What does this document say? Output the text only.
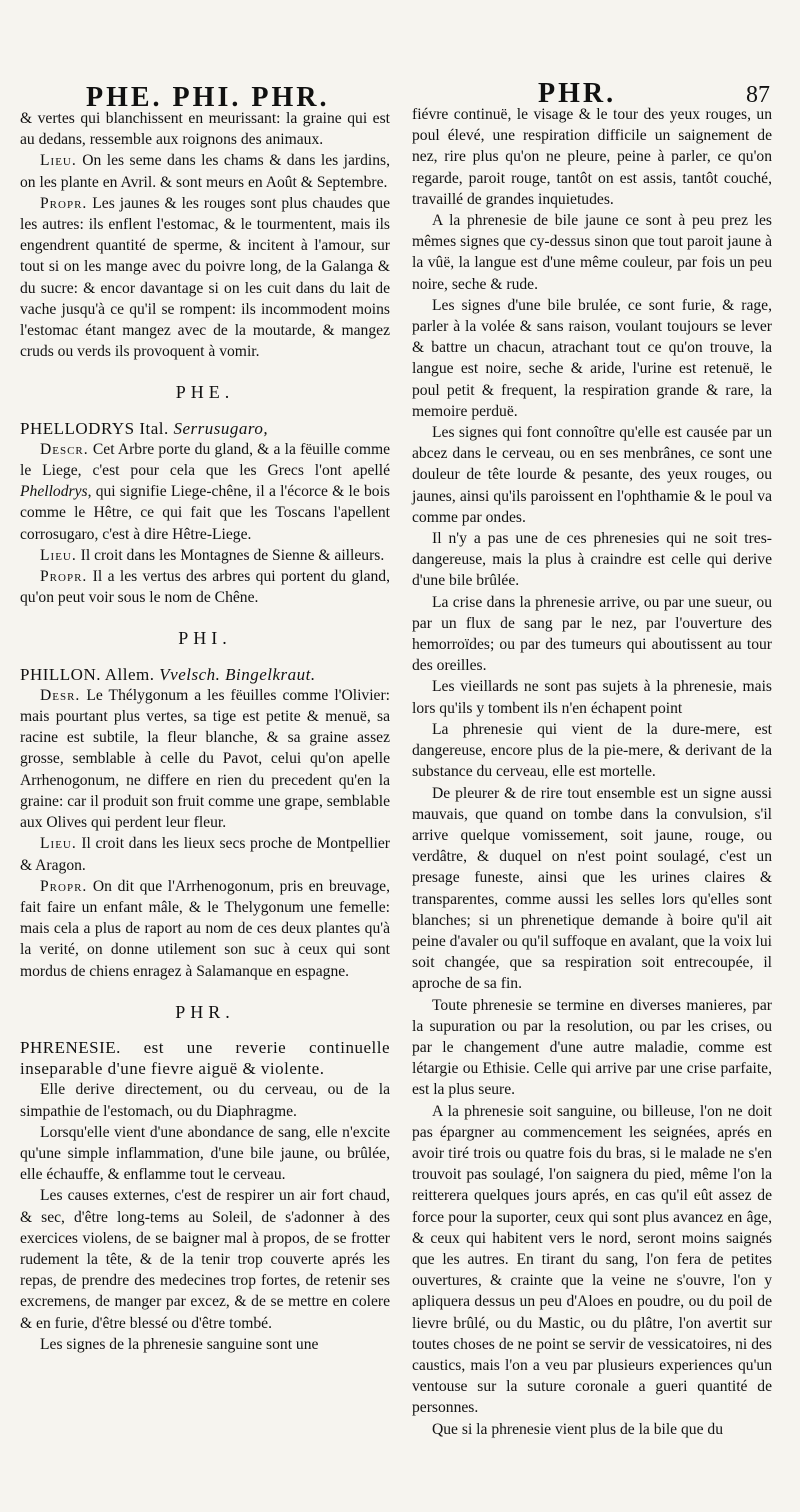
PHE. PHI. PHR.	PHR.	87

& vertes qui blanchissent en meurissant: la graine qui est au dedans, ressemble aux roignons des animaux.

Lieu. On les seme dans les chams & dans les jardins, on les plante en Avril. & sont meurs en Août & Septembre.

Propr. Les jaunes & les rouges sont plus chaudes que les autres: ils enflent l'estomac, & le tourmentent, mais ils engendrent quantité de sperme, & incitent à l'amour, sur tout si on les mange avec du poivre long, de la Galanga & du sucre: & encor davantage si on les cuit dans du lait de vache jusqu'à ce qu'il se rompent: ils incommodent moins l'estomac étant mangez avec de la moutarde, & mangez cruds ou verds ils provoquent à vomir.

PHE.

PHELLODRYS Ital. Serrusugaro,

Descr. Cet Arbre porte du gland, & a la fëuille comme le Liege, c'est pour cela que les Grecs l'ont apellé Phellodrys, qui signifie Liege-chêne, il a l'écorce & le bois comme le Hêtre, ce qui fait que les Toscans l'apellent corrosugaro, c'est à dire Hêtre-Liege.

Lieu. Il croit dans les Montagnes de Sienne & ailleurs.

Propr. Il a les vertus des arbres qui portent du gland, qu'on peut voir sous le nom de Chêne.

PHI.

PHILLON. Allem. Vvelsch. Bingelkraut.

Desr. Le Thélygonum a les fëuilles comme l'Olivier: mais pourtant plus vertes, sa tige est petite & menuë, sa racine est subtile, la fleur blanche, & sa graine assez grosse, semblable à celle du Pavot, celui qu'on apelle Arrhenogonum, ne differe en rien du precedent qu'en la graine: car il produit son fruit comme une grape, semblable aux Olives qui perdent leur fleur.

Lieu. Il croit dans les lieux secs proche de Montpellier & Aragon.

Propr. On dit que l'Arrhenogonum, pris en breuvage, fait faire un enfant mâle, & le Thelygonum une femelle: mais cela a plus de raport au nom de ces deux plantes qu'à la verité, on donne utilement son suc à ceux qui sont mordus de chiens enragez à Salamanque en espagne.

PHR.

PHRENESIE. est une reverie continuelle inseparable d'une fievre aiguë & violente.

Elle derive directement, ou du cerveau, ou de la simpathie de l'estomach, ou du Diaphragme.

Lorsqu'elle vient d'une abondance de sang, elle n'excite qu'une simple inflammation, d'une bile jaune, ou brûlée, elle échauffe, & enflamme tout le cerveau.

Les causes externes, c'est de respirer un air fort chaud, & sec, d'être long-tems au Soleil, de s'adonner à des exercices violens, de se baigner mal à propos, de se frotter rudement la tête, & de la tenir trop couverte aprés les repas, de prendre des medecines trop fortes, de retenir ses excremens, de manger par excez, & de se mettre en colere & en furie, d'être blessé ou d'être tombé.

Les signes de la phrenesie sanguine sont une

fiévre continuë, le visage & le tour des yeux rouges, un poul élevé, une respiration difficile un saignement de nez, rire plus qu'on ne pleure, peine à parler, ce qu'on regarde, paroit rouge, tantôt on est assis, tantôt couché, travaillé de grandes inquietudes.

A la phrenesie de bile jaune ce sont à peu prez les mêmes signes que cy-dessus sinon que tout paroit jaune à la vûë, la langue est d'une même couleur, par fois un peu noire, seche & rude.

Les signes d'une bile brulée, ce sont furie, & rage, parler à la volée & sans raison, voulant toujours se lever & battre un chacun, atrachant tout ce qu'on trouve, la langue est noire, seche & aride, l'urine est retenuë, le poul petit & frequent, la respiration grande & rare, la memoire perduë.

Les signes qui font connoître qu'elle est causée par un abcez dans le cerveau, ou en ses menbrânes, ce sont une douleur de tête lourde & pesante, des yeux rouges, ou jaunes, ainsi qu'ils paroissent en l'ophthamie & le poul va comme par ondes.

Il n'y a pas une de ces phrenesies qui ne soit tres-dangereuse, mais la plus à craindre est celle qui derive d'une bile brûlée.

La crise dans la phrenesie arrive, ou par une sueur, ou par un flux de sang par le nez, par l'ouverture des hemorroïdes; ou par des tumeurs qui aboutissent au tour des oreilles.

Les vieillards ne sont pas sujets à la phrenesie, mais lors qu'ils y tombent ils n'en échapent point

La phrenesie qui vient de la dure-mere, est dangereuse, encore plus de la pie-mere, & derivant de la substance du cerveau, elle est mortelle.

De pleurer & de rire tout ensemble est un signe aussi mauvais, que quand on tombe dans la convulsion, s'il arrive quelque vomissement, soit jaune, rouge, ou verdâtre, & duquel on n'est point soulagé, c'est un presage funeste, ainsi que les urines claires & transparentes, comme aussi les selles lors qu'elles sont blanches; si un phrenetique demande à boire qu'il ait peine d'avaler ou qu'il suffoque en avalant, que la voix lui soit changée, que sa respiration soit entrecoupée, il aproche de sa fin.

Toute phrenesie se termine en diverses manieres, par la supuration ou par la resolution, ou par les crises, ou par le changement d'une autre maladie, comme est létargie ou Ethisie. Celle qui arrive par une crise parfaite, est la plus seure.

A la phrenesie soit sanguine, ou billeuse, l'on ne doit pas épargner au commencement les seignées, aprés en avoir tiré trois ou quatre fois du bras, si le malade ne s'en trouvoit pas soulagé, l'on saignera du pied, même l'on la reitterera quelques jours aprés, en cas qu'il eût assez de force pour la suporter, ceux qui sont plus avancez en âge, & ceux qui habitent vers le nord, seront moins saignés que les autres. En tirant du sang, l'on fera de petites ouvertures, & crainte que la veine ne s'ouvre, l'on y apliquera dessus un peu d'Aloes en poudre, ou du poil de lievre brûlé, ou du Mastic, ou du plâtre, l'on avertit sur toutes choses de ne point se servir de vessicatoires, ni des caustics, mais l'on a veu par plusieurs experiences qu'un ventouse sur la suture coronale a gueri quantité de personnes.

Que si la phrenesie vient plus de la bile que du
